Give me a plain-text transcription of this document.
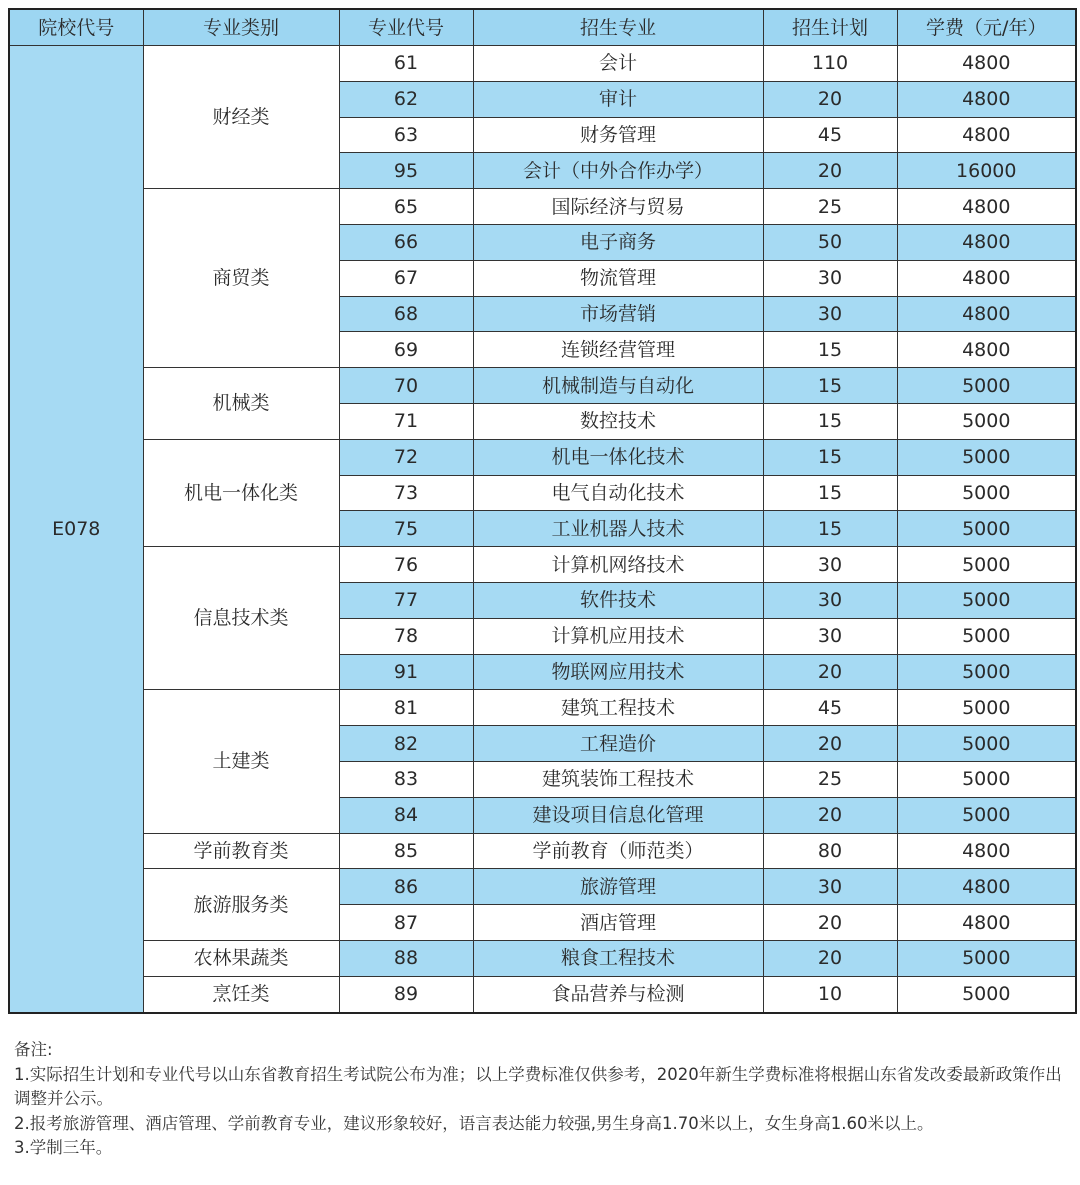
院校代号	专业类别	专业代号	招生专业	招生计划	学费（元/年）
E078	财经类	61	会计	110	4800
		62	审计	20	4800
		63	财务管理	45	4800
		95	会计（中外合作办学）	20	16000
	商贸类	65	国际经济与贸易	25	4800
		66	电子商务	50	4800
		67	物流管理	30	4800
		68	市场营销	30	4800
		69	连锁经营管理	15	4800
	机械类	70	机械制造与自动化	15	5000
		71	数控技术	15	5000
	机电一体化类	72	机电一体化技术	15	5000
		73	电气自动化技术	15	5000
		75	工业机器人技术	15	5000
	信息技术类	76	计算机网络技术	30	5000
		77	软件技术	30	5000
		78	计算机应用技术	30	5000
		91	物联网应用技术	20	5000
	土建类	81	建筑工程技术	45	5000
		82	工程造价	20	5000
		83	建筑装饰工程技术	25	5000
		84	建设项目信息化管理	20	5000
	学前教育类	85	学前教育（师范类）	80	4800
	旅游服务类	86	旅游管理	30	4800
		87	酒店管理	20	4800
	农林果蔬类	88	粮食工程技术	20	5000
	烹饪类	89	食品营养与检测	10	5000

备注:

1.实际招生计划和专业代号以山东省教育招生考试院公布为准；以上学费标准仅供参考，2020年新生学费标准将根据山东省发改委最新政策作出调整并公示。

2.报考旅游管理、酒店管理、学前教育专业，建议形象较好，语言表达能力较强,男生身高1.70米以上，女生身高1.60米以上。

3.学制三年。
